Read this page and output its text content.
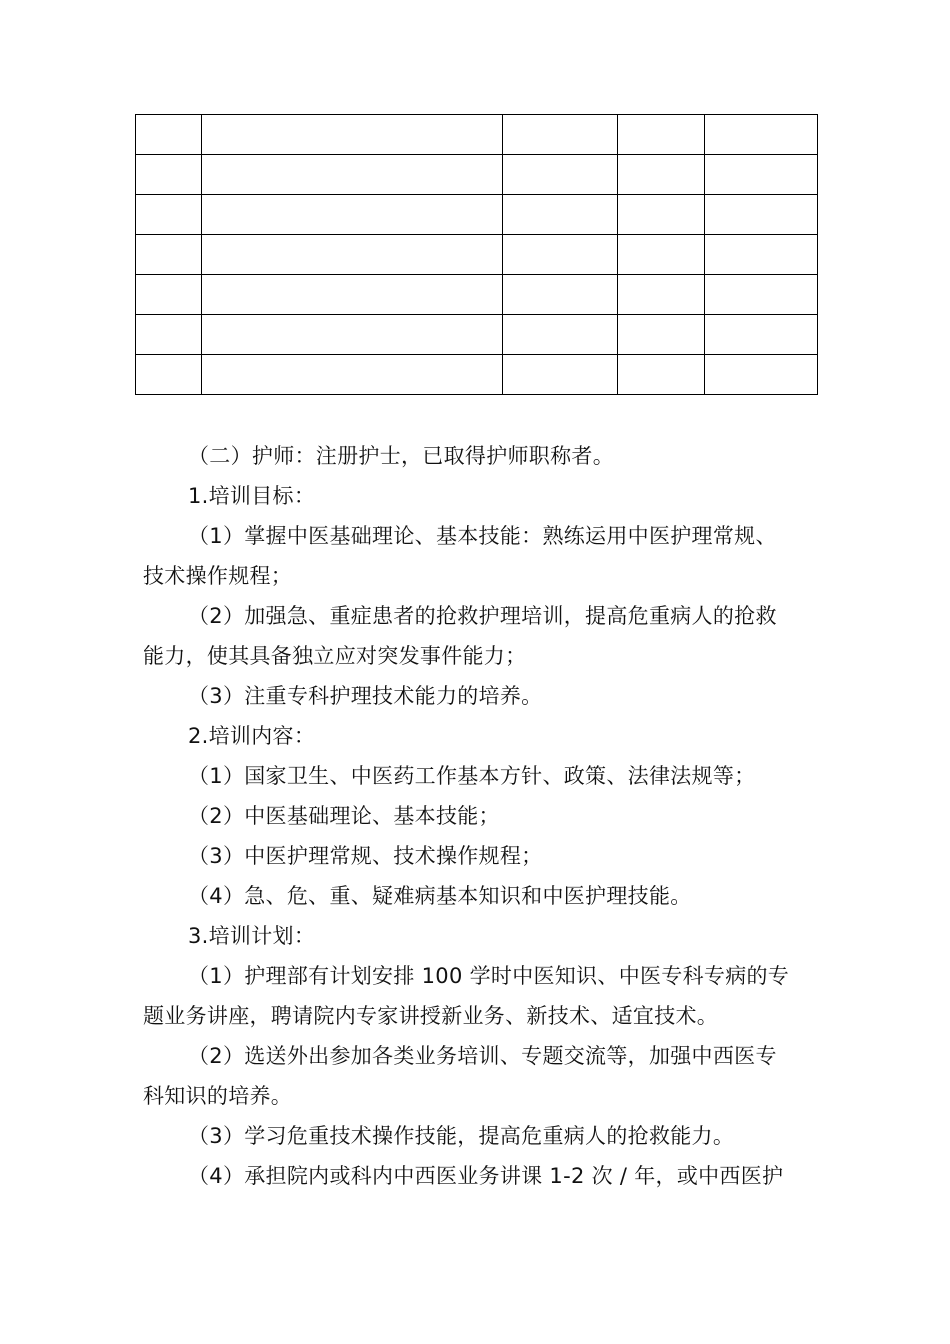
（二）护师：注册护士，已取得护师职称者。
1.培训目标：
（1）掌握中医基础理论、基本技能：熟练运用中医护理常规、
技术操作规程；
（2）加强急、重症患者的抢救护理培训，提高危重病人的抢救
能力，使其具备独立应对突发事件能力；
（3）注重专科护理技术能力的培养。
2.培训内容：
（1）国家卫生、中医药工作基本方针、政策、法律法规等；
（2）中医基础理论、基本技能；
（3）中医护理常规、技术操作规程；
（4）急、危、重、疑难病基本知识和中医护理技能。
3.培训计划：
（1）护理部有计划安排 100 学时中医知识、中医专科专病的专
题业务讲座，聘请院内专家讲授新业务、新技术、适宜技术。
（2）选送外出参加各类业务培训、专题交流等，加强中西医专
科知识的培养。
（3）学习危重技术操作技能，提高危重病人的抢救能力。
（4）承担院内或科内中西医业务讲课 1-2 次 / 年，或中西医护
